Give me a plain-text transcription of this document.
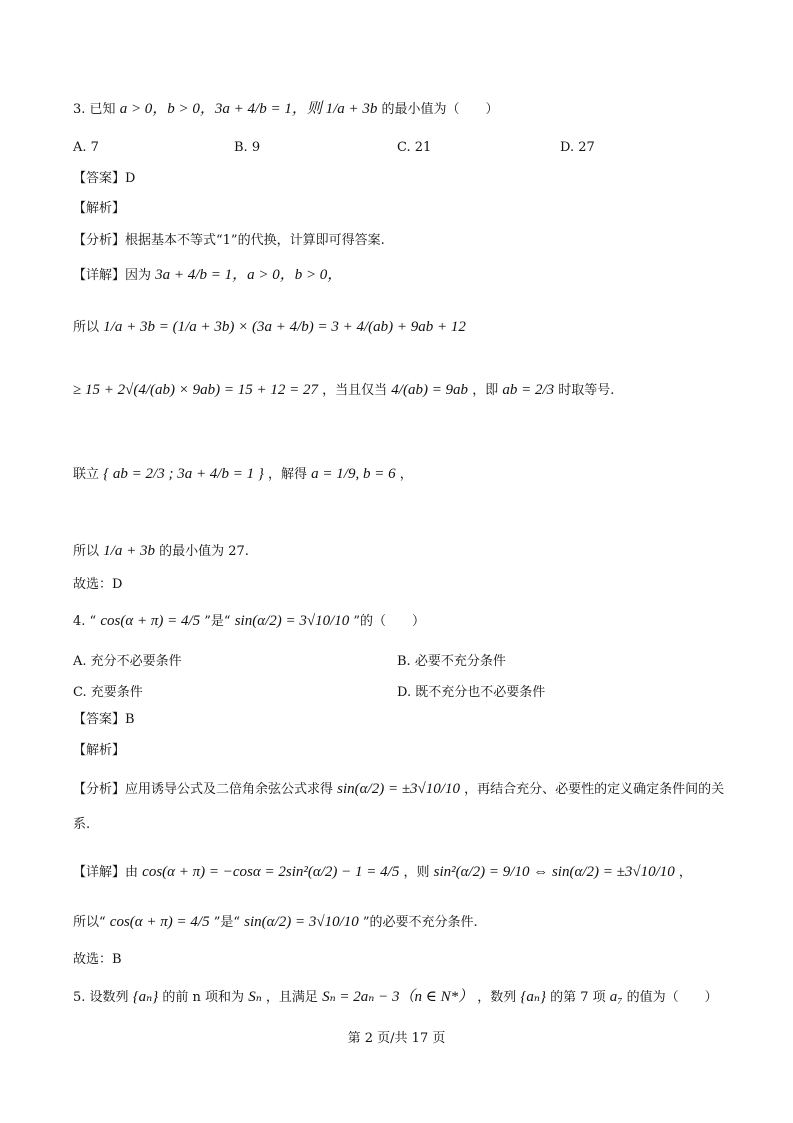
3. 已知 a > 0，b > 0，3a + 4/b = 1，则 1/a + 3b 的最小值为（　　）
A. 7	B. 9	C. 21	D. 27
【答案】D
【解析】
【分析】根据基本不等式“1”的代换，计算即可得答案.
【详解】因为 3a + 4/b = 1，a > 0，b > 0，
所以 1/a + 3b = (1/a + 3b) × (3a + 4/b) = 3 + 4/(ab) + 9ab + 12
≥ 15 + 2√(4/(ab) × 9ab) = 15 + 12 = 27 ，当且仅当 4/(ab) = 9ab ，即 ab = 2/3 时取等号.
联立 { ab = 2/3 ; 3a + 4/b = 1 } ，解得 a = 1/9, b = 6 ，
所以 1/a + 3b 的最小值为 27.
故选：D
4. “ cos(α + π) = 4/5 ”是“ sin(α/2) = 3√10/10 ”的（　　）
A. 充分不必要条件	B. 必要不充分条件
C. 充要条件	D. 既不充分也不必要条件
【答案】B
【解析】
【分析】应用诱导公式及二倍角余弦公式求得 sin(α/2) = ±3√10/10 ，再结合充分、必要性的定义确定条件间的关
系.
【详解】由 cos(α + π) = −cosα = 2sin²(α/2) − 1 = 4/5 ，则 sin²(α/2) = 9/10 ⇔ sin(α/2) = ±3√10/10 ，
所以“ cos(α + π) = 4/5 ”是“ sin(α/2) = 3√10/10 ”的必要不充分条件.
故选：B
5. 设数列 {aₙ} 的前 n 项和为 Sₙ ，且满足 Sₙ = 2aₙ − 3（n ∈ N*） ，数列 {aₙ} 的第 7 项 a₇ 的值为（　　）
第 2 页/共 17 页
